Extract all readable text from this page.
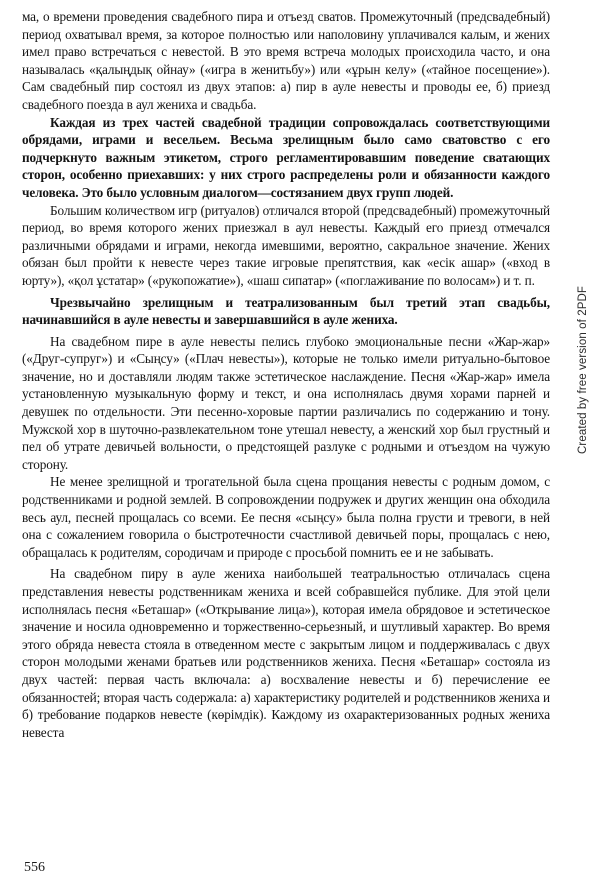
ма, о времени проведения свадебного пира и отъезд сватов. Промежуточный (предсвадебный) период охватывал время, за которое полностью или наполовину уплачивался калым, и жених имел право встречаться с невестой. В это время встреча молодых происходила часто, и она называлась «қалыңдық ойнау» («игра в женитьбу») или «ұрын келу» («тайное посещение»). Сам свадебный пир состоял из двух этапов: а) пир в ауле невесты и проводы ее, б) приезд свадебного поезда в аул жениха и свадьба.

Каждая из трех частей свадебной традиции сопровождалась соответствующими обрядами, играми и весельем. Весьма зрелищным было само сватовство с его подчеркнуто важным этикетом, строго регламентировавшим поведение сватающих сторон, особенно приехавших: у них строго распределены роли и обязанности каждого человека. Это было условным диалогом—состязанием двух групп людей.

Большим количеством игр (ритуалов) отличался второй (предсвадебный) промежуточный период, во время которого жених приезжал в аул невесты. Каждый его приезд отмечался различными обрядами и играми, некогда имевшими, вероятно, сакральное значение. Жених обязан был пройти к невесте через такие игровые препятствия, как «есік ашар» («вход в юрту»), «қол ұстатар» («рукопожатие»), «шаш сипатар» («поглаживание по волосам») и т. п.

Чрезвычайно зрелищным и театрализованным был третий этап свадьбы, начинавшийся в ауле невесты и завершавшийся в ауле жениха.

На свадебном пире в ауле невесты пелись глубоко эмоциональные песни «Жар-жар» («Друг-супруг») и «Сыңсу» («Плач невесты»), которые не только имели ритуально-бытовое значение, но и доставляли людям также эстетическое наслаждение. Песня «Жар-жар» имела установленную музыкальную форму и текст, и она исполнялась двумя хорами парней и девушек по отдельности. Эти песенно-хоровые партии различались по содержанию и тону. Мужской хор в шуточно-развлекательном тоне утешал невесту, а женский хор был грустный и пел об утрате девичьей вольности, о предстоящей разлуке с родными и отъездом на чужую сторону.

Не менее зрелищной и трогательной была сцена прощания невесты с родным домом, с родственниками и родной землей. В сопровождении подружек и других женщин она обходила весь аул, песней прощалась со всеми. Ее песня «сыңсу» была полна грусти и тревоги, в ней она с сожалением говорила о быстротечности счастливой девичьей поры, прощалась с нею, обращалась к родителям, сородичам и природе с просьбой помнить ее и не забывать.

На свадебном пиру в ауле жениха наибольшей театральностью отличалась сцена представления невесты родственникам жениха и всей собравшейся публике. Для этой цели исполнялась песня «Беташар» («Открывание лица»), которая имела обрядовое и эстетическое значение и носила одновременно и торжественно-серьезный, и шутливый характер. Во время этого обряда невеста стояла в отведенном месте с закрытым лицом и поддерживалась с двух сторон молодыми женами братьев или родственников жениха. Песня «Беташар» состояла из двух частей: первая часть включала: а) восхваление невесты и б) перечисление ее обязанностей; вторая часть содержала: а) характеристику родителей и родственников жениха и б) требование подарков невесте (көрімдік). Каждому из охарактеризованных родных жениха невеста

Created by free version of 2PDF
556
